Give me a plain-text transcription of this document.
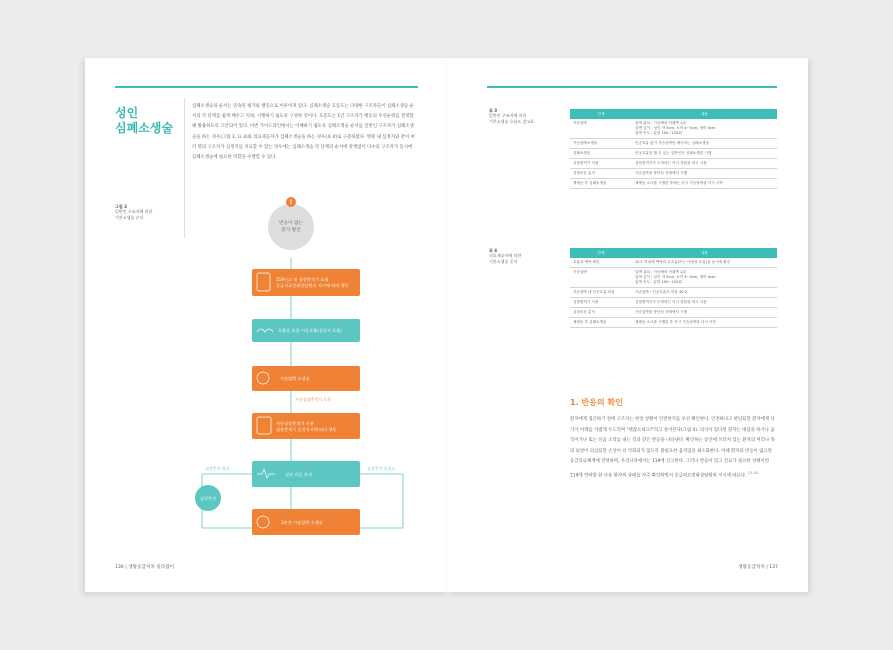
성인
심폐소생술

심폐소생술의 순서는 연속된 평가와 행동으로 이루어져 있다. 심폐소생술 흐름도는 다양한 구조자들이 심폐소생술 순서의 각 단계를 쉽게 배우고 익혀, 시행하기 쉽도록 구성한 것이다. 흐름도는 1인 구조자가 행동의 우선순위를 결정할 때 활용하도록 고안되어 있다. 이번 가이드라인에서는 이해하기 쉽도록 심폐소생술 순서를 일반인 구조자가 심폐소생술을 하는 경우(그림 3, 표 3)와 의료제공자가 심폐소생술을 하는 경우(표 4)로 구분하였다. 병원 내 심정지와 같이 여러 명의 구조자가 심정지를 치료할 수 있는 경우에는 심폐소생술 각 단계의 순서에 관계없이 다수의 구조자가 동시에 심폐소생술에 필요한 역할을 수행할 수 있다.

그림 3
일반인 구조자에 의한
기본소생술 순서
!
반응이 없는
환자 발견
119신고 및 심장충격기 요청
응급의료전화상담원의 지시에 따라 행동
호흡을 포함 이상호흡(심정지 호흡)
가슴압박 소생술
자동심장충격기 도착
자동심장충격기 사용
심장충격기 음성지시에 따라 행동
심장 리듬 분석
심장충격 필요	심장충격 불필요
심장충격
2분간 가슴압박 소생술
136 | 생활응급처치 길라잡이
표 3
일반인 구조자에 의한
기본소생술 흐름도 참고표
단계	내용
가슴압박	압박 위치 : 가슴뼈의 아래쪽 1/2
압박 깊이 : 성인 약 5cm, 소아 4~5cm, 영아 4cm
압박 속도 : 분당 100~120회
가슴압박소생술	인공호흡 없이 가슴압박만 계속하는 심폐소생술
심폐소생술	인공호흡을 할 수 있는 일반인은 심폐소생술 시행
심장충격기 사용	심장충격기가 도착하는 즉시 전원을 켜고 사용
심장리듬 분석	가슴압박을 중단한 상태에서 시행
제세동 후 심폐소생술	제세동 소크를 시행한 후에는 즉시 가슴압박을 다시 시작
표 4
의료제공자에 의한
기본소생술 순서
단계	내용
호흡과 맥박 확인	10초 이내에 맥박과 무호흡(또는 비정상 호흡)을 동시에 확인
가슴압박	압박 위치 : 가슴뼈의 아래쪽 1/2
압박 깊이 : 성인 약 5cm, 소아 4~5cm, 영아 4cm
압박 속도 : 분당 100~120회
가슴압박 대 인공호흡 비율	가슴압박 : 인공호흡의 비율 30:2
심장충격기 사용	심장충격기가 도착하는 즉시 전원을 켜고 사용
심장리듬 분석	가슴압박을 중단한 상태에서 시행
제세동 후 심폐소생술	제세동 소크를 시행한 후 즉시 가슴압박을 다시 시작
1. 반응의 확인

환자에게 접근하기 전에 구조자는 현장 상황이 안전한지를 우선 확인한다. 안전하다고 판단되면 환자에게 다가가 어깨를 가볍게 두드리며 "괜찮으세요?"라고 물어본다(그림 4). 의식이 있다면 환자는 대답을 하거나 움직이거나 또는 신음 소리를 내는 것과 같은 반응을 나타낸다. 확인하는 동안에 쓰러져 있는 환자의 머리나 목의 외상이 의심되면 손상이 더 악화되지 않도록 불필요한 움직임을 최소화한다. 이때 환자의 반응이 없으면 응급의료체계에 연락하며, 우리나라에서는 119에 신고한다. 그러나 반응이 있고 진료가 필요한 상태이면 119에 연락할 한 다음 환자의 상태를 자주 확인하면서 응급의료전화상담원의 지시에 따른다. $^{13-18}$

생활응급처치 | 137
